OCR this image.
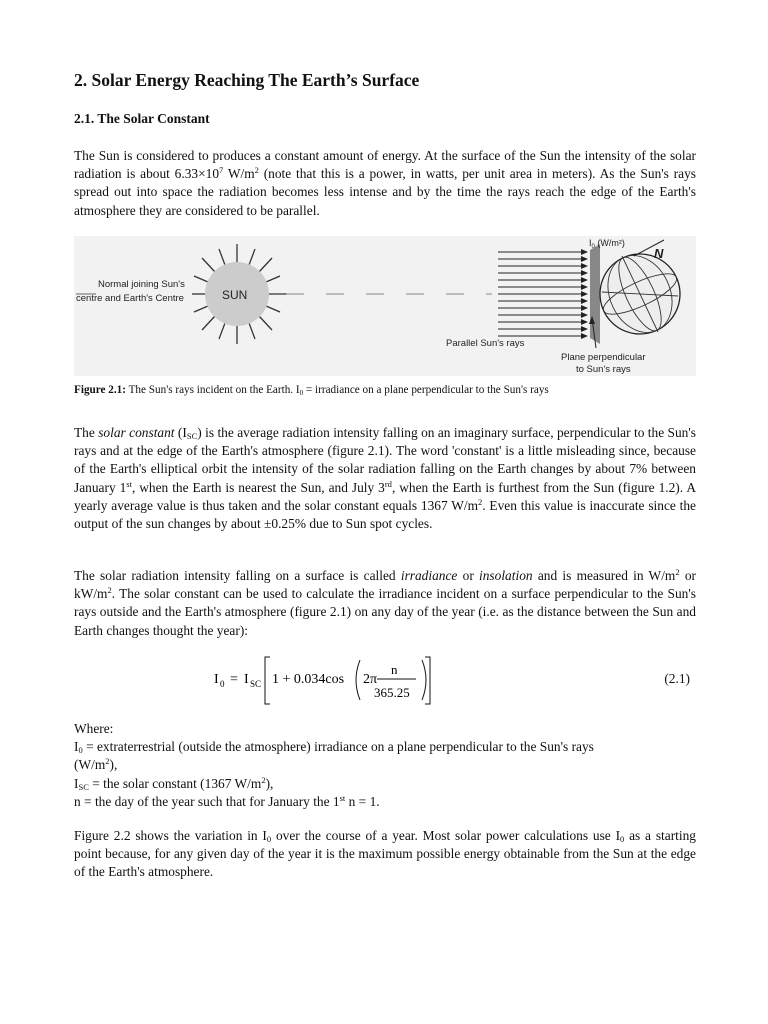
2. Solar Energy Reaching The Earth’s Surface
2.1. The Solar Constant

The Sun is considered to produces a constant amount of energy. At the surface of the Sun the intensity of the solar radiation is about $6.33\times 10^7$ $W/m^2$ (note that this is a power, in watts, per unit area in meters). As the Sun's rays spread out into space the radiation becomes less intense and by the time the rays reach the edge of the Earth's atmosphere they are considered to be parallel.

Figure 2.1: The Sun's rays incident on the Earth. $I_0$ = irradiance on a plane perpendicular to the Sun's rays

The solar constant $(I_{SC})$ is the average radiation intensity falling on an imaginary surface, perpendicular to the Sun's rays and at the edge of the Earth's atmosphere (figure 2.1). The word 'constant' is a little misleading since, because of the Earth's elliptical orbit the intensity of the solar radiation falling on the Earth changes by about 7% between January 1st, when the Earth is nearest the Sun, and July 3rd, when the Earth is furthest from the Sun (figure 1.2). A yearly average value is thus taken and the solar constant equals 1367 $W/m^2$. Even this value is inaccurate since the output of the sun changes by about ±0.25% due to Sun spot cycles.

The solar radiation intensity falling on a surface is called irradiance or insolation and is measured in $W/m^2$ or $kW/m^2$. The solar constant can be used to calculate the irradiance incident on a surface perpendicular to the Sun's rays outside and the Earth's atmosphere (figure 2.1) on any day of the year (i.e. as the distance between the Sun and Earth changes thought the year):

I 0 = I SC 1 + 0.034cos 2π
n
365.25
(2.1)
Where:
$I_0$ = extraterrestrial (outside the atmosphere) irradiance on a plane perpendicular to the Sun's rays
$(W/m^2)$,
$I_{SC}$ = the solar constant (1367 $W/m^2$),
n = the day of the year such that for January the 1st n = 1.

Figure 2.2 shows the variation in $I_0$ over the course of a year. Most solar power calculations use $I_0$ as a starting point because, for any given day of the year it is the maximum possible energy obtainable from the Sun at the edge of the Earth's atmosphere.

SUN
Normal joining Sun's
centre and Earth's Centre
N
$I_0$ (W/m²)
Parallel Sun's rays
Plane perpendicular
to Sun's rays
